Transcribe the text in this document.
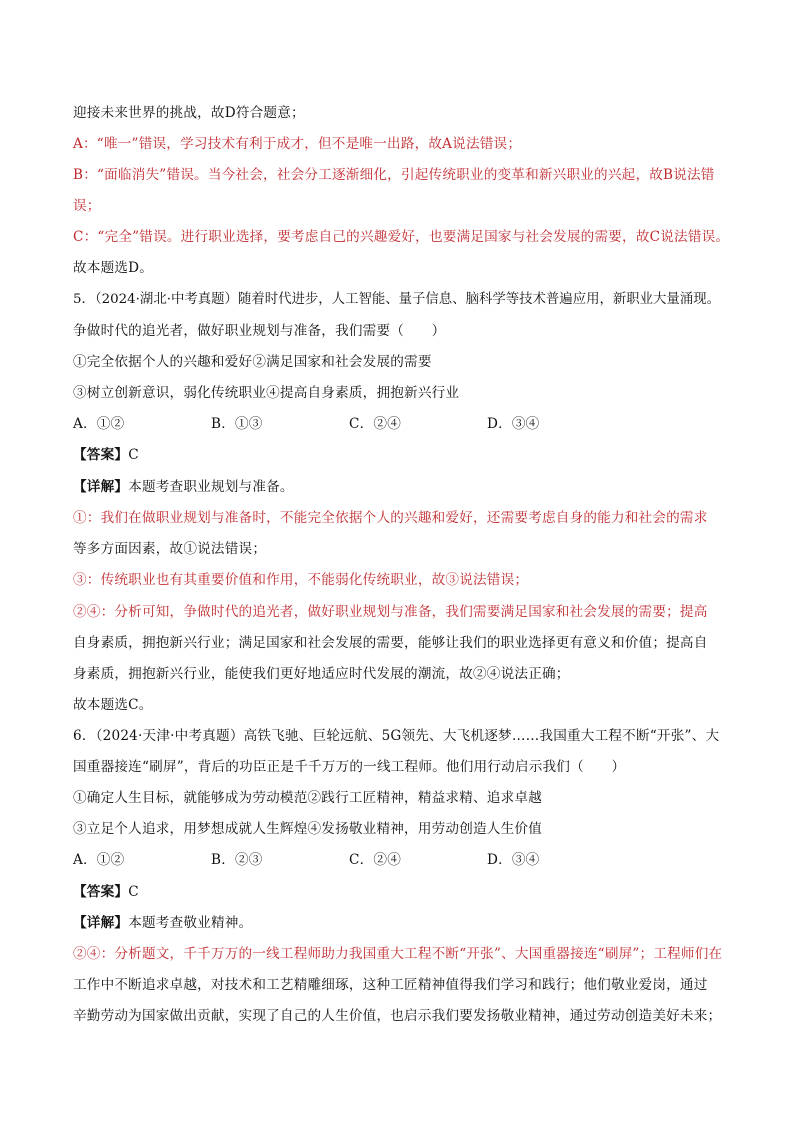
迎接未来世界的挑战，故D符合题意；
A：“唯一”错误，学习技术有利于成才，但不是唯一出路，故A说法错误；
B：“面临消失”错误。当今社会，社会分工逐渐细化，引起传统职业的变革和新兴职业的兴起，故B说法错
误；
C：“完全”错误。进行职业选择，要考虑自己的兴趣爱好，也要满足国家与社会发展的需要，故C说法错误。
故本题选D。
5．（2024·湖北·中考真题）随着时代进步，人工智能、量子信息、脑科学等技术普遍应用，新职业大量涌现。
争做时代的追光者，做好职业规划与准备，我们需要（　　）
①完全依据个人的兴趣和爱好②满足国家和社会发展的需要
③树立创新意识，弱化传统职业④提高自身素质，拥抱新兴行业
A．①②	B．①③	C．②④	D．③④
【答案】C
【详解】本题考查职业规划与准备。
①：我们在做职业规划与准备时，不能完全依据个人的兴趣和爱好，还需要考虑自身的能力和社会的需求
等多方面因素，故①说法错误；
③：传统职业也有其重要价值和作用，不能弱化传统职业，故③说法错误；
②④：分析可知，争做时代的追光者，做好职业规划与准备，我们需要满足国家和社会发展的需要；提高
自身素质，拥抱新兴行业；满足国家和社会发展的需要，能够让我们的职业选择更有意义和价值；提高自
身素质，拥抱新兴行业，能使我们更好地适应时代发展的潮流，故②④说法正确；
故本题选C。
6．（2024·天津·中考真题）高铁飞驰、巨轮远航、5G领先、大飞机逐梦……我国重大工程不断“开张”、大
国重器接连“刷屏”，背后的功臣正是千千万万的一线工程师。他们用行动启示我们（　　）
①确定人生目标，就能够成为劳动模范②践行工匠精神，精益求精、追求卓越
③立足个人追求，用梦想成就人生辉煌④发扬敬业精神，用劳动创造人生价值
A．①②	B．②③	C．②④	D．③④
【答案】C
【详解】本题考查敬业精神。
②④：分析题文，千千万万的一线工程师助力我国重大工程不断“开张”、大国重器接连“刷屏”；工程师们在
工作中不断追求卓越，对技术和工艺精雕细琢，这种工匠精神值得我们学习和践行；他们敬业爱岗，通过
辛勤劳动为国家做出贡献，实现了自己的人生价值，也启示我们要发扬敬业精神，通过劳动创造美好未来；
